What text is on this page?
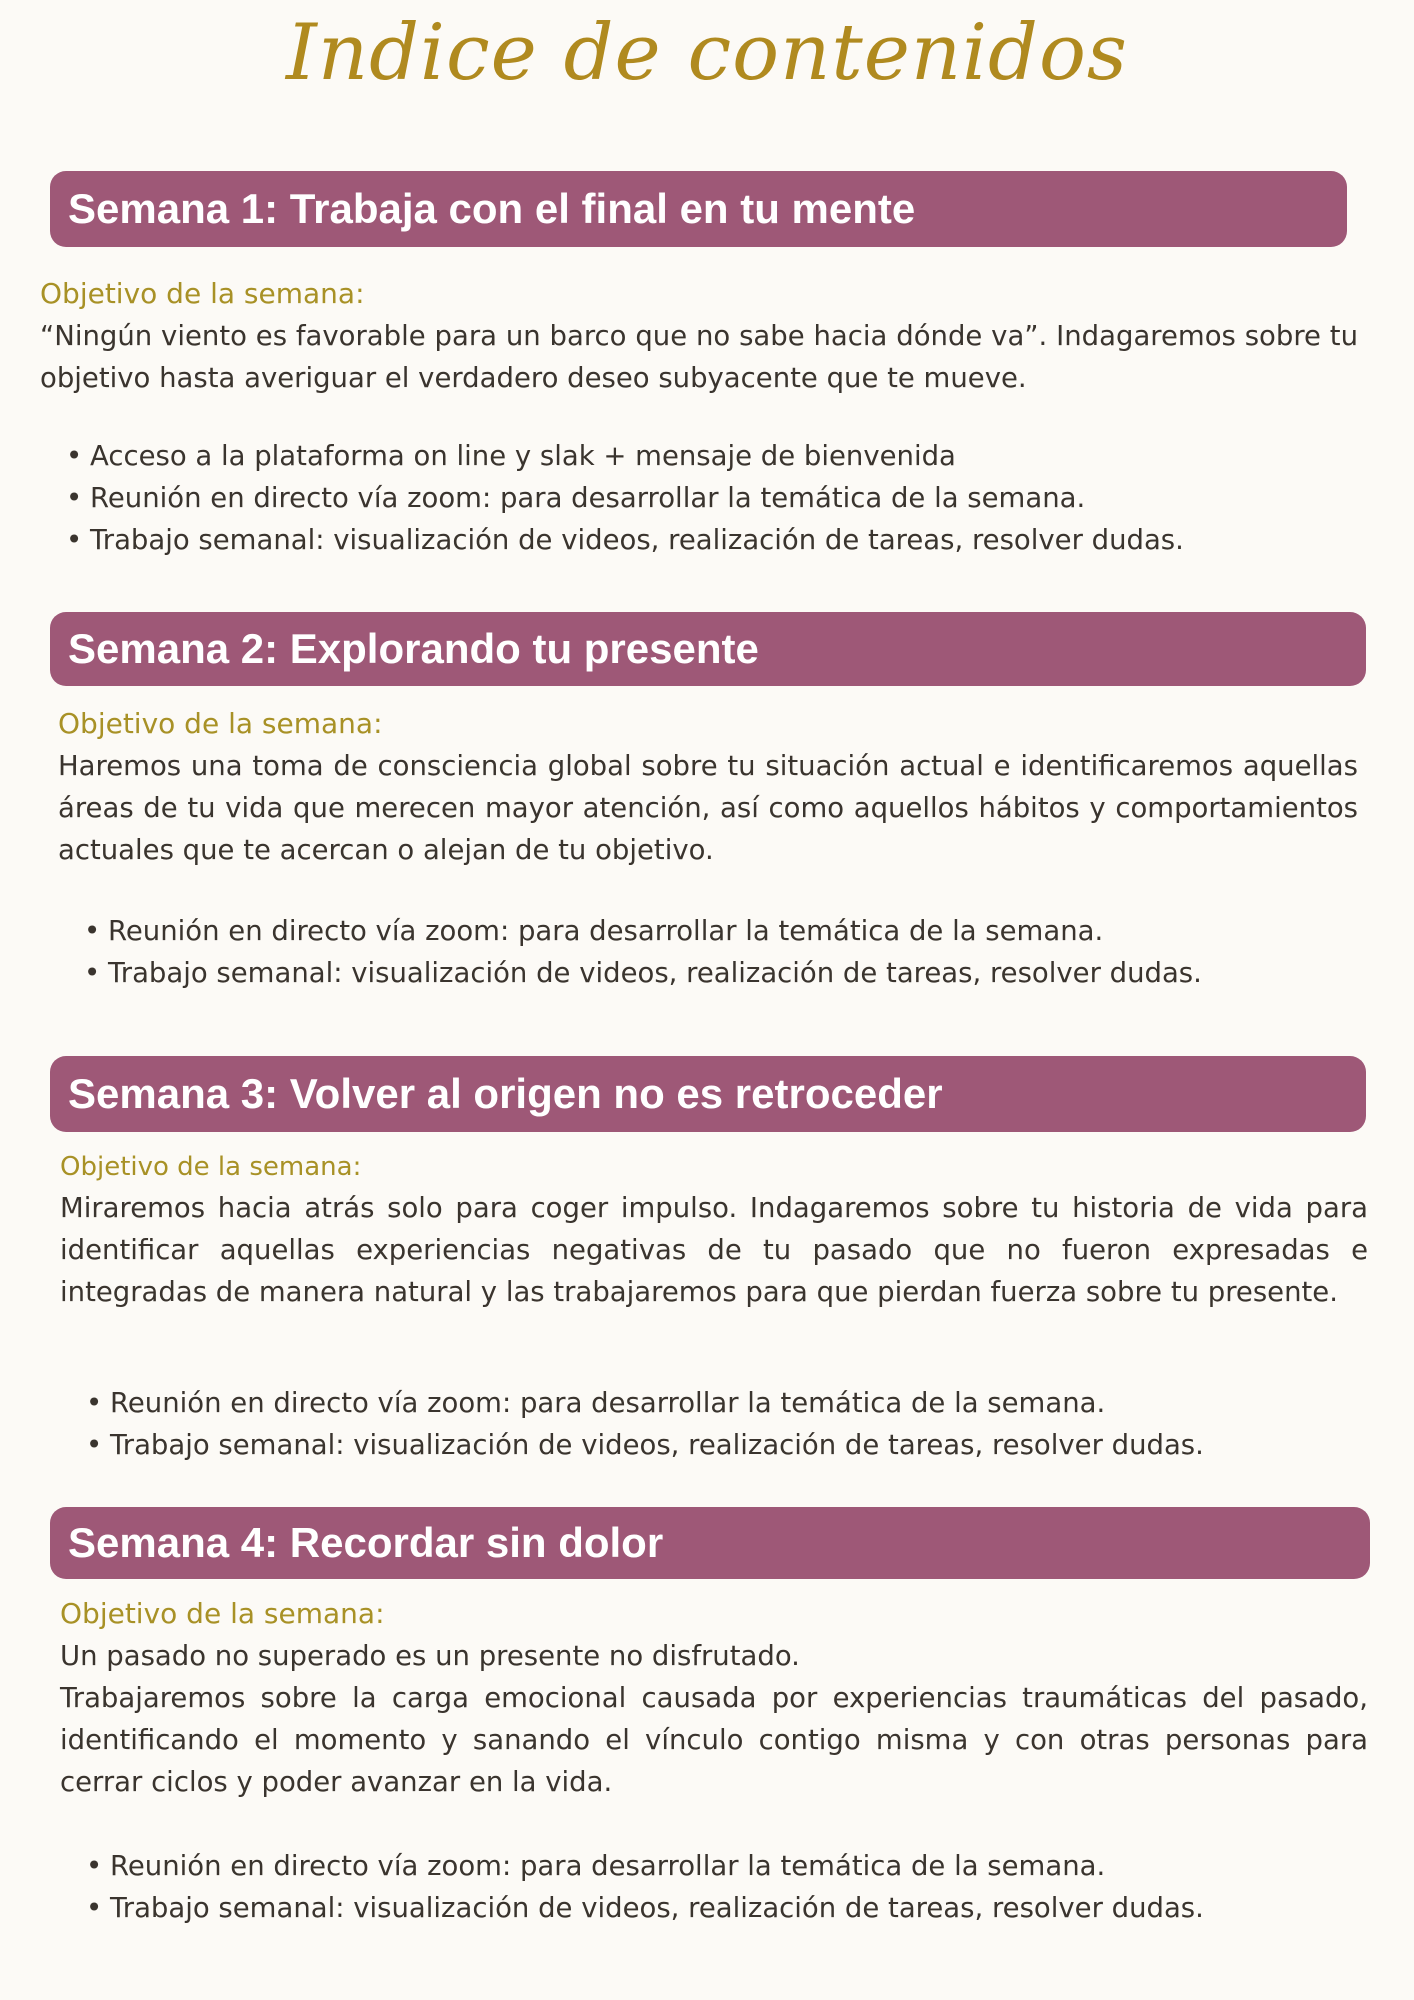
Indice de contenidos
Semana 1: Trabaja con el final en tu mente
Objetivo de la semana:

“Ningún viento es favorable para un barco que no sabe hacia dónde va”. Indagaremos sobre tu objetivo hasta averiguar el verdadero deseo subyacente que te mueve.

• Acceso a la plataforma on line y slak + mensaje de bienvenida
• Reunión en directo vía zoom: para desarrollar la temática de la semana.
• Trabajo semanal: visualización de videos, realización de tareas, resolver dudas.
Semana 2: Explorando tu presente
Objetivo de la semana:

Haremos una toma de consciencia global sobre tu situación actual e identificaremos aquellas áreas de tu vida que merecen mayor atención, así como aquellos hábitos y comportamientos actuales que te acercan o alejan de tu objetivo.

• Reunión en directo vía zoom: para desarrollar la temática de la semana.
• Trabajo semanal: visualización de videos, realización de tareas, resolver dudas.
Semana 3: Volver al origen no es retroceder
Objetivo de la semana:

Miraremos hacia atrás solo para coger impulso. Indagaremos sobre tu historia de vida para identificar aquellas experiencias negativas de tu pasado que no fueron expresadas e integradas de manera natural y las trabajaremos para que pierdan fuerza sobre tu presente.

• Reunión en directo vía zoom: para desarrollar la temática de la semana.
• Trabajo semanal: visualización de videos, realización de tareas, resolver dudas.
Semana 4: Recordar sin dolor
Objetivo de la semana:

Un pasado no superado es un presente no disfrutado.

Trabajaremos sobre la carga emocional causada por experiencias traumáticas del pasado, identificando el momento y sanando el vínculo contigo misma y con otras personas para cerrar ciclos y poder avanzar en la vida.

• Reunión en directo vía zoom: para desarrollar la temática de la semana.
• Trabajo semanal: visualización de videos, realización de tareas, resolver dudas.
